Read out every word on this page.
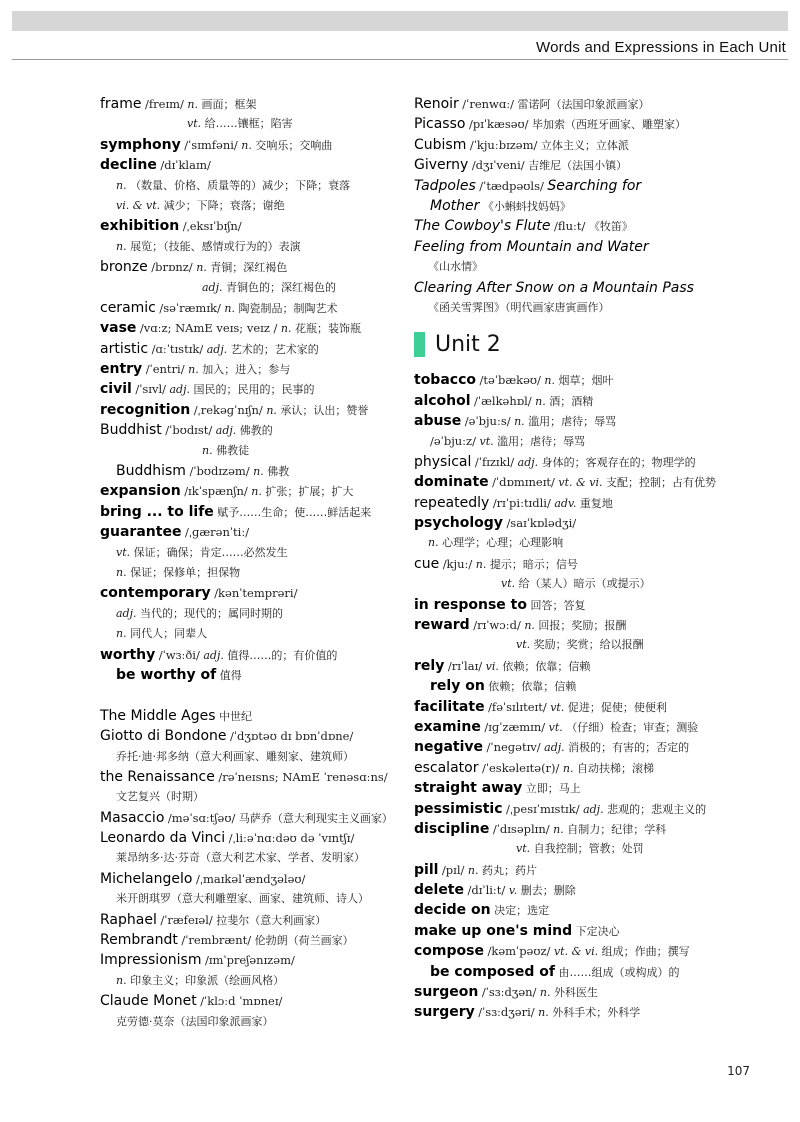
Words and Expressions in Each Unit
frame /freɪm/ n. 画面；框架
vt. 给……镶框；陷害
symphony /ˈsɪmfəni/ n. 交响乐；交响曲
decline /dɪˈklaɪn/
n. （数量、价格、质量等的）减少；下降；衰落
vi. & vt. 减少；下降；衰落；谢绝
exhibition /ˌeksɪˈbɪʃn/
n. 展览；（技能、感情或行为的）表演
bronze /brɒnz/ n. 青铜；深红褐色
adj. 青铜色的；深红褐色的
ceramic /səˈræmɪk/ n. 陶瓷制品；制陶艺术
vase /vɑːz; NAmE veɪs; veɪz / n. 花瓶；装饰瓶
artistic /ɑːˈtɪstɪk/ adj. 艺术的；艺术家的
entry /ˈentri/ n. 加入；进入；参与
civil /ˈsɪvl/ adj. 国民的；民用的；民事的
recognition /ˌrekəɡˈnɪʃn/ n. 承认；认出；赞誉
Buddhist /ˈbʊdɪst/ adj. 佛教的
n. 佛教徒
Buddhism /ˈbʊdɪzəm/ n. 佛教
expansion /ɪkˈspænʃn/ n. 扩张；扩展；扩大
bring ... to life 赋予……生命；使……鲜活起来
guarantee /ˌɡærənˈtiː/
vt. 保证；确保；肯定……必然发生
n. 保证；保修单；担保物
contemporary /kənˈtemprəri/
adj. 当代的；现代的；属同时期的
n. 同代人；同辈人
worthy /ˈwɜːði/ adj. 值得……的；有价值的
be worthy of 值得
The Middle Ages 中世纪
Giotto di Bondone /ˈdʒɒtəʊ dɪ bɒnˈdɒne/
乔托·迪·邦多纳（意大利画家、雕刻家、建筑师）
the Renaissance /rəˈneɪsns; NAmE ˈrenəsɑːns/
文艺复兴（时期）
Masaccio /məˈsɑːtʃəʊ/ 马萨乔（意大利现实主义画家）
Leonardo da Vinci /ˌliːəˈnɑːdəʊ də ˈvɪntʃɪ/
莱昂纳多·达·芬奇（意大利艺术家、学者、发明家）
Michelangelo /ˌmaɪkəlˈændʒələʊ/
米开朗琪罗（意大利雕塑家、画家、建筑师、诗人）
Raphael /ˈræfeɪəl/ 拉斐尔（意大利画家）
Rembrandt /ˈrembrænt/ 伦勃朗（荷兰画家）
Impressionism /ɪmˈpreʃənɪzəm/
n. 印象主义；印象派（绘画风格）
Claude Monet /ˈklɔːd ˈmɒneɪ/
克劳德·莫奈（法国印象派画家）
Renoir /ˈrenwɑː/ 雷诺阿（法国印象派画家）
Picasso /pɪˈkæsəʊ/ 毕加索（西班牙画家、雕塑家）
Cubism /ˈkjuːbɪzəm/ 立体主义；立体派
Giverny /dʒɪˈveni/ 吉维尼（法国小镇）
Tadpoles /ˈtædpəʊls/ Searching for
Mother 《小蝌蚪找妈妈》
The Cowboy's Flute /fluːt/ 《牧笛》
Feeling from Mountain and Water
《山水情》
Clearing After Snow on a Mountain Pass
《函关雪霁图》（明代画家唐寅画作）
Unit 2
tobacco /təˈbækəʊ/ n. 烟草；烟叶
alcohol /ˈælkəhɒl/ n. 酒；酒精
abuse /əˈbjuːs/ n. 滥用；虐待；辱骂
/əˈbjuːz/ vt. 滥用；虐待；辱骂
physical /ˈfɪzɪkl/ adj. 身体的；客观存在的；物理学的
dominate /ˈdɒmɪneɪt/ vt. & vi. 支配；控制；占有优势
repeatedly /rɪˈpiːtɪdli/ adv. 重复地
psychology /saɪˈkɒlədʒi/
n. 心理学；心理；心理影响
cue /kjuː/ n. 提示；暗示；信号
vt. 给（某人）暗示（或提示）
in response to 回答；答复
reward /rɪˈwɔːd/ n. 回报；奖励；报酬
vt. 奖励；奖赏；给以报酬
rely /rɪˈlaɪ/ vi. 依赖；依靠；信赖
rely on 依赖；依靠；信赖
facilitate /fəˈsɪlɪteɪt/ vt. 促进；促使；使便利
examine /ɪɡˈzæmɪn/ vt. （仔细）检查；审查；测验
negative /ˈneɡətɪv/ adj. 消极的；有害的；否定的
escalator /ˈeskəleɪtə(r)/ n. 自动扶梯；滚梯
straight away 立即；马上
pessimistic /ˌpesɪˈmɪstɪk/ adj. 悲观的；悲观主义的
discipline /ˈdɪsəplɪn/ n. 自制力；纪律；学科
vt. 自我控制；管教；处罚
pill /pɪl/ n. 药丸；药片
delete /dɪˈliːt/ v. 删去；删除
decide on 决定；选定
make up one's mind 下定决心
compose /kəmˈpəʊz/ vt. & vi. 组成；作曲；撰写
be composed of 由……组成（或构成）的
surgeon /ˈsɜːdʒən/ n. 外科医生
surgery /ˈsɜːdʒəri/ n. 外科手术；外科学
107
